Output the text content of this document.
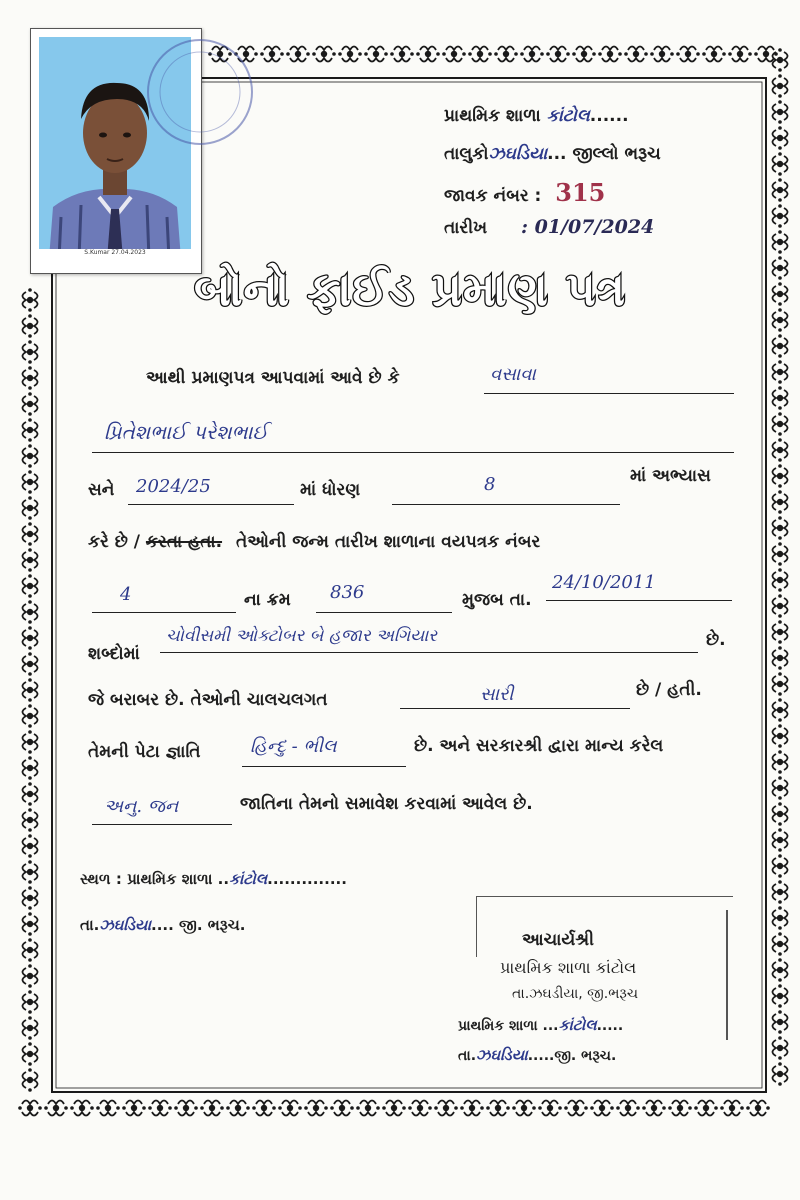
S.Kumar 27.04.2023
પ્રાથમિક શાળા કાંટોલ......
તાલુકોઝઘડિયા... જીલ્લો ભરૂચ
જાવક નંબર : 315
તારીખ : 01/07/2024
બોનો ફાઈડ પ્રમાણ પત્ર
આથી પ્રમાણપત્ર આપવામાં આવે છે કે	વસાવા
પ્રિતેશભાઈ પરેશભાઈ
સને 2024/25	માં ધોરણ	8	માં અભ્યાસ
કરે છે / કરતા હતા. તેઓની જન્મ તારીખ શાળાના વયપત્રક નંબર
4	ના ક્રમ 836	મુજબ તા.
24/10/2011
શબ્દોમાં
ચોવીસમી ઓક્ટોબર બે હજાર અગિયાર	છે.
જે બરાબર છે. તેઓની ચાલચલગત	સારી	છે / હતી.
તેમની પેટા જ્ઞાતિ	હિન્દુ - ભીલ	છે. અને સરકારશ્રી દ્વારા માન્ય કરેલ
અનુ. જન	જાતિના તેમનો સમાવેશ કરવામાં આવેલ છે.
સ્થળ : પ્રાથમિક શાળા ..કાંટોલ..............
તા.ઝઘડિયા.... જી. ભરૂચ.
આચાર્યશ્રી
પ્રાથમિક શાળા કાંટોલ
તા.ઝઘડીયા, જી.ભરૂચ
પ્રાથમિક શાળા ...કાંટોલ.....
તા.ઝઘડિયા.....જી. ભરૂચ.
